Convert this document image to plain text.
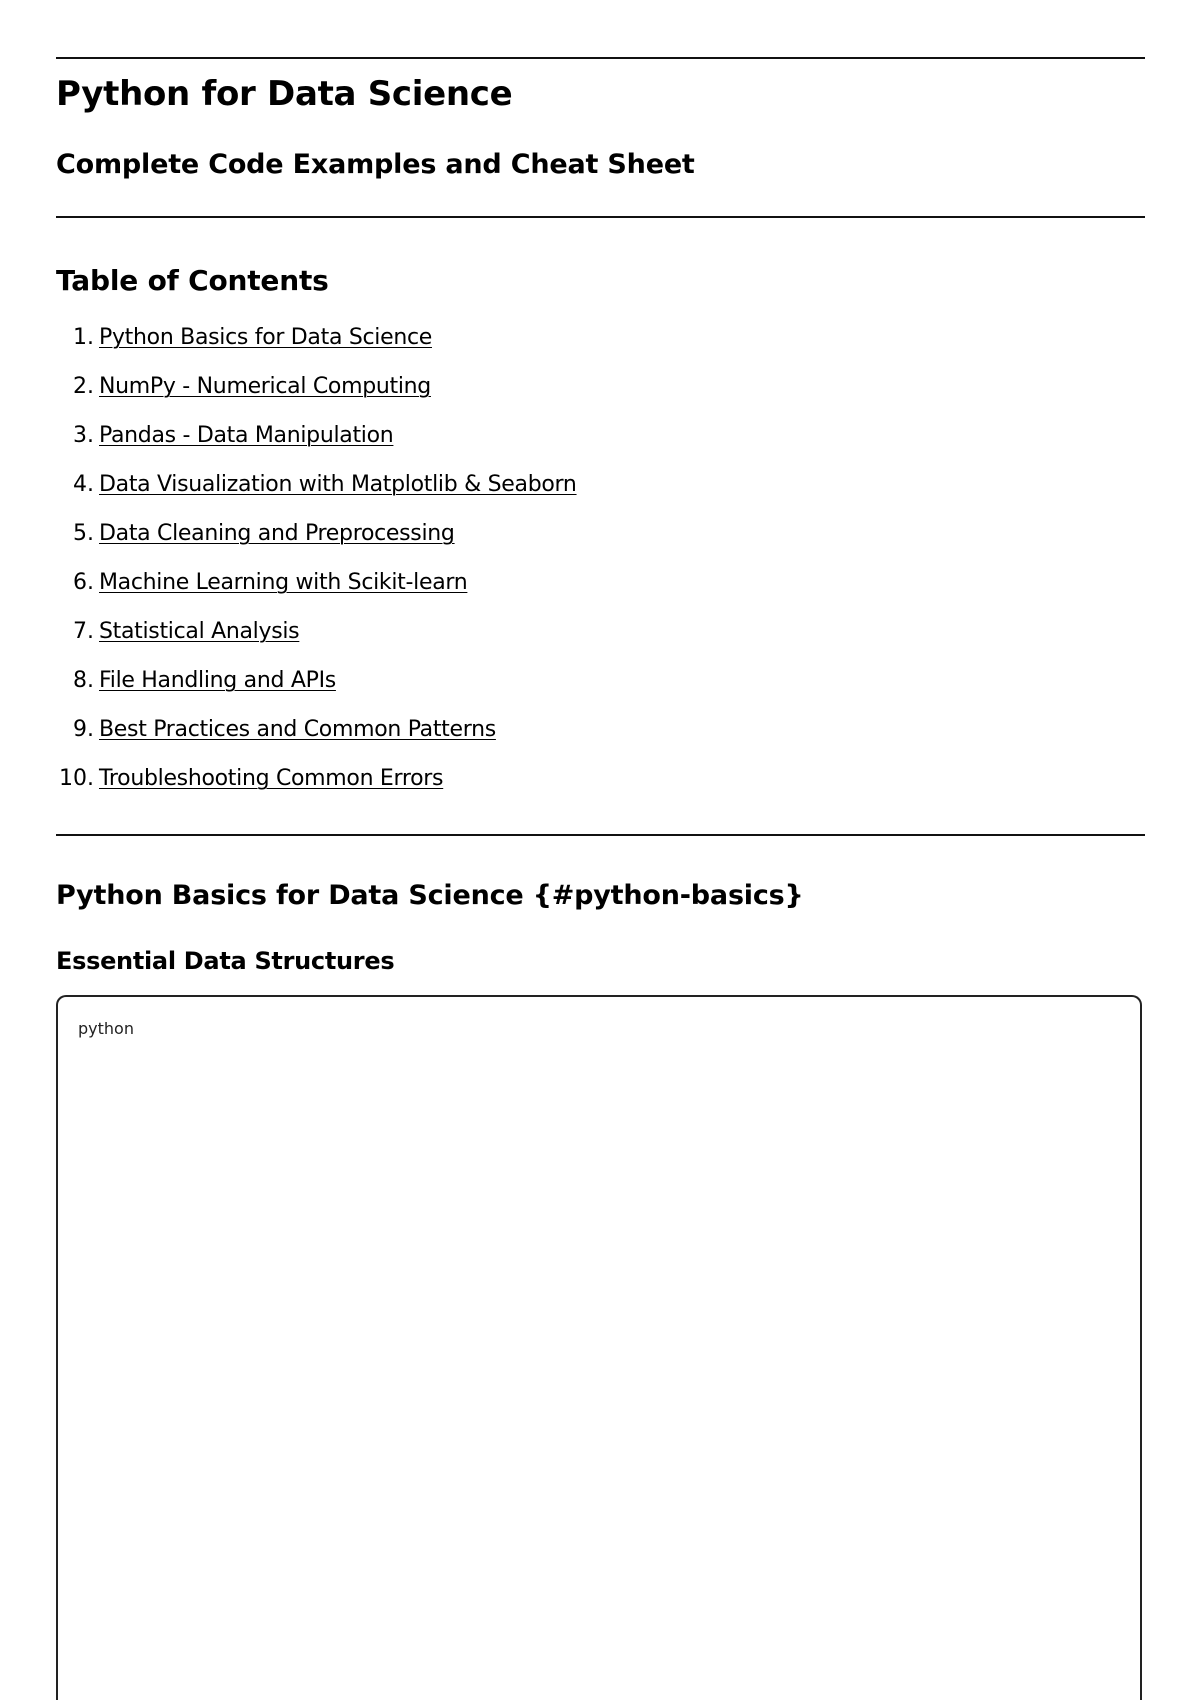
Python for Data Science
Complete Code Examples and Cheat Sheet
Table of Contents
1. Python Basics for Data Science
2. NumPy - Numerical Computing
3. Pandas - Data Manipulation
4. Data Visualization with Matplotlib & Seaborn
5. Data Cleaning and Preprocessing
6. Machine Learning with Scikit-learn
7. Statistical Analysis
8. File Handling and APIs
9. Best Practices and Common Patterns
10. Troubleshooting Common Errors
Python Basics for Data Science {#python-basics}
Essential Data Structures
python
